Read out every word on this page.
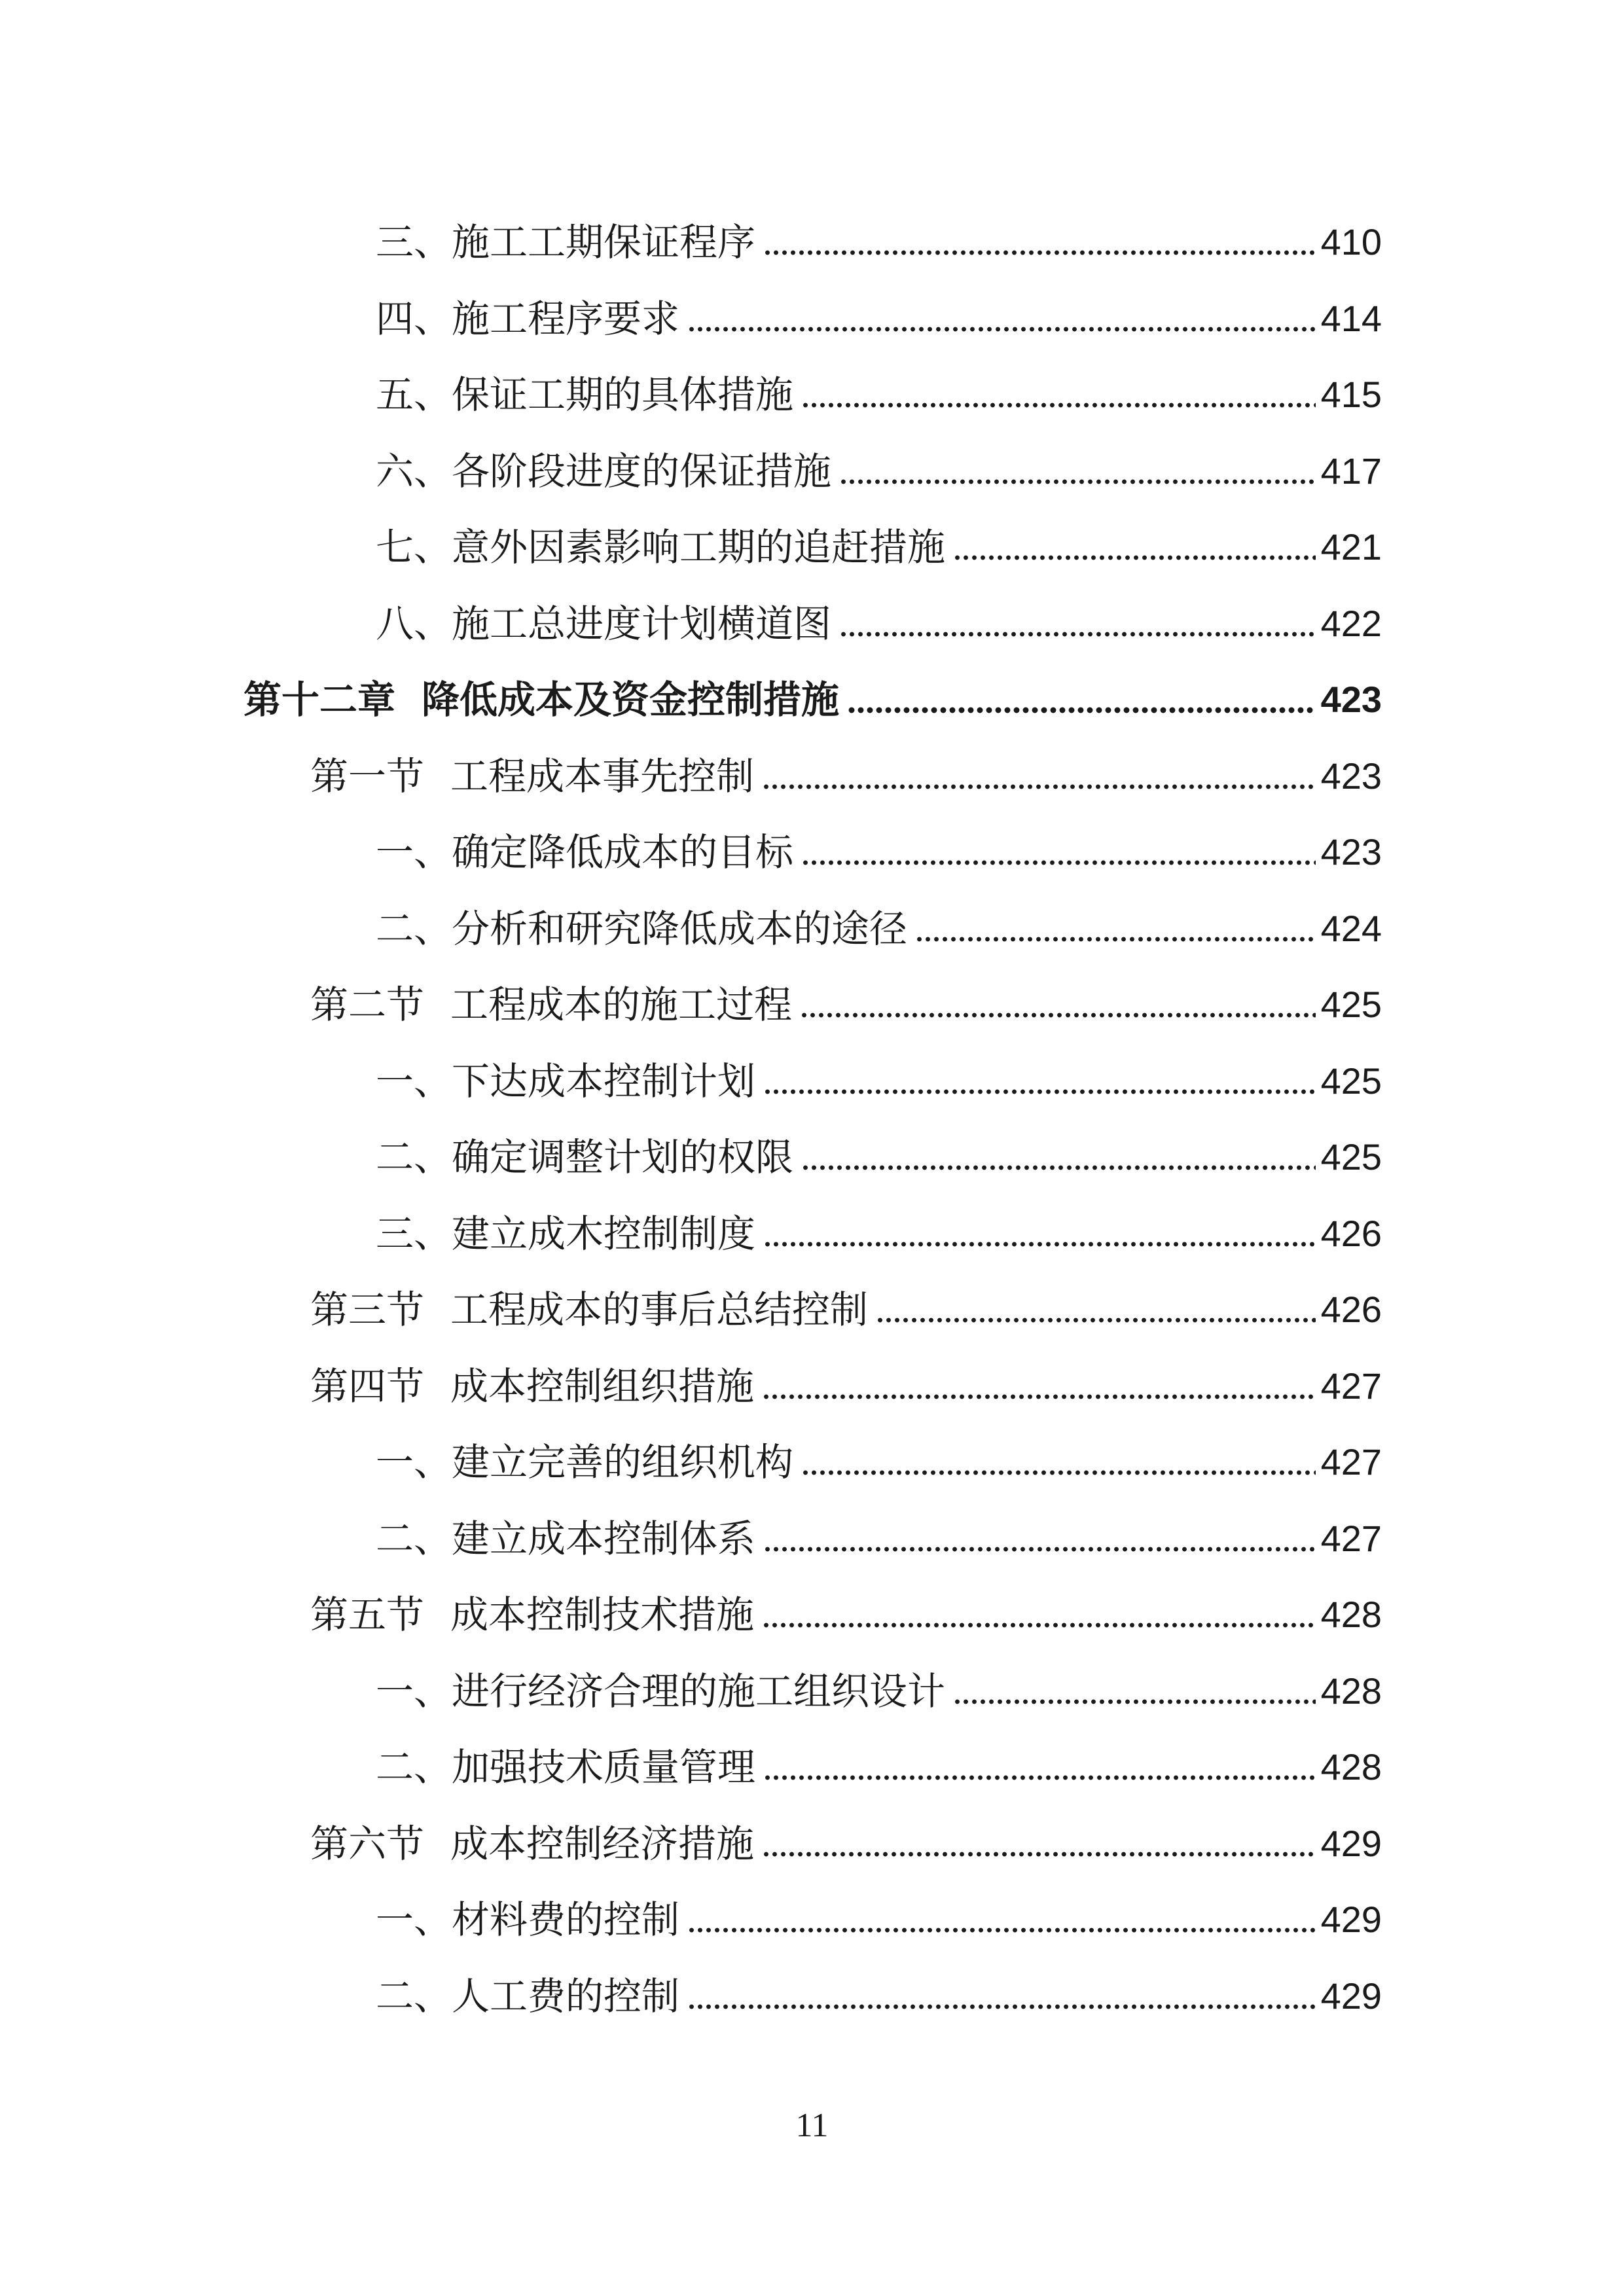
三、施工工期保证程序	410
四、施工程序要求	414
五、保证工期的具体措施	415
六、各阶段进度的保证措施	417
七、意外因素影响工期的追赶措施	421
八、施工总进度计划横道图	422
第十二章 降低成本及资金控制措施	423
第一节 工程成本事先控制	423
一、确定降低成本的目标	423
二、分析和研究降低成本的途径	424
第二节 工程成本的施工过程	425
一、下达成本控制计划	425
二、确定调整计划的权限	425
三、建立成木控制制度	426
第三节 工程成本的事后总结控制	426
第四节 成本控制组织措施	427
一、建立完善的组织机构	427
二、建立成本控制体系	427
第五节 成本控制技术措施	428
一、进行经济合理的施工组织设计	428
二、加强技术质量管理	428
第六节 成本控制经济措施	429
一、材料费的控制	429
二、人工费的控制	429
11
